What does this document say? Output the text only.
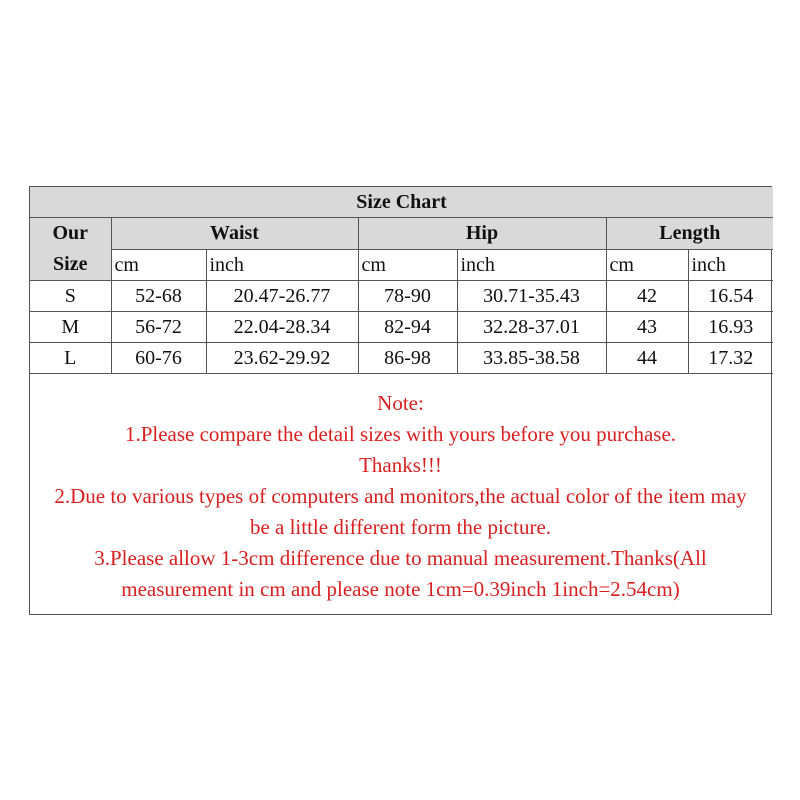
Size Chart						
Our Size	Waist		Hip		Length	
	cm	inch	cm	inch	cm	inch
S	52-68	20.47-26.77	78-90	30.71-35.43	42	16.54
M	56-72	22.04-28.34	82-94	32.28-37.01	43	16.93
L	60-76	23.62-29.92	86-98	33.85-38.58	44	17.32

Note:

1.Please compare the detail sizes with yours before you purchase. Thanks!!!

2.Due to various types of computers and monitors,the actual color of the item may be a little different form the picture.

3.Please allow 1-3cm difference due to manual measurement.Thanks(All measurement in cm and please note 1cm=0.39inch 1inch=2.54cm)
